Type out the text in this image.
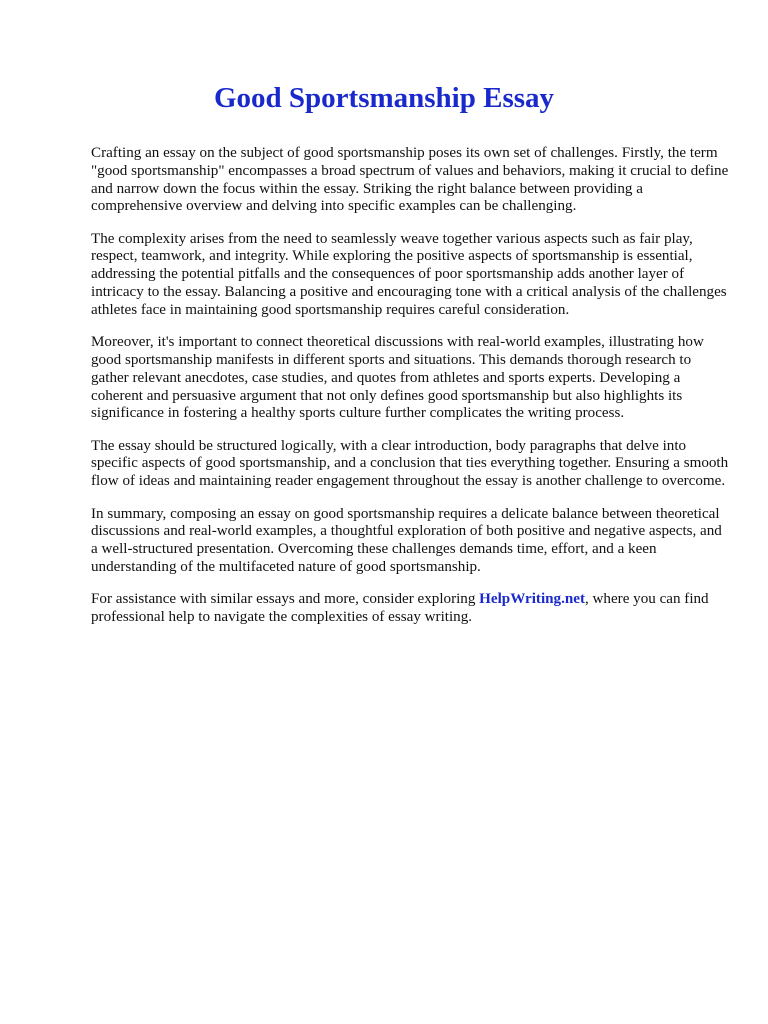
Good Sportsmanship Essay

Crafting an essay on the subject of good sportsmanship poses its own set of challenges. Firstly, the term "good sportsmanship" encompasses a broad spectrum of values and behaviors, making it crucial to define and narrow down the focus within the essay. Striking the right balance between providing a comprehensive overview and delving into specific examples can be challenging.

The complexity arises from the need to seamlessly weave together various aspects such as fair play, respect, teamwork, and integrity. While exploring the positive aspects of sportsmanship is essential, addressing the potential pitfalls and the consequences of poor sportsmanship adds another layer of intricacy to the essay. Balancing a positive and encouraging tone with a critical analysis of the challenges athletes face in maintaining good sportsmanship requires careful consideration.

Moreover, it's important to connect theoretical discussions with real-world examples, illustrating how good sportsmanship manifests in different sports and situations. This demands thorough research to gather relevant anecdotes, case studies, and quotes from athletes and sports experts. Developing a coherent and persuasive argument that not only defines good sportsmanship but also highlights its significance in fostering a healthy sports culture further complicates the writing process.

The essay should be structured logically, with a clear introduction, body paragraphs that delve into specific aspects of good sportsmanship, and a conclusion that ties everything together. Ensuring a smooth flow of ideas and maintaining reader engagement throughout the essay is another challenge to overcome.

In summary, composing an essay on good sportsmanship requires a delicate balance between theoretical discussions and real-world examples, a thoughtful exploration of both positive and negative aspects, and a well-structured presentation. Overcoming these challenges demands time, effort, and a keen understanding of the multifaceted nature of good sportsmanship.

For assistance with similar essays and more, consider exploring HelpWriting.net, where you can find professional help to navigate the complexities of essay writing.
